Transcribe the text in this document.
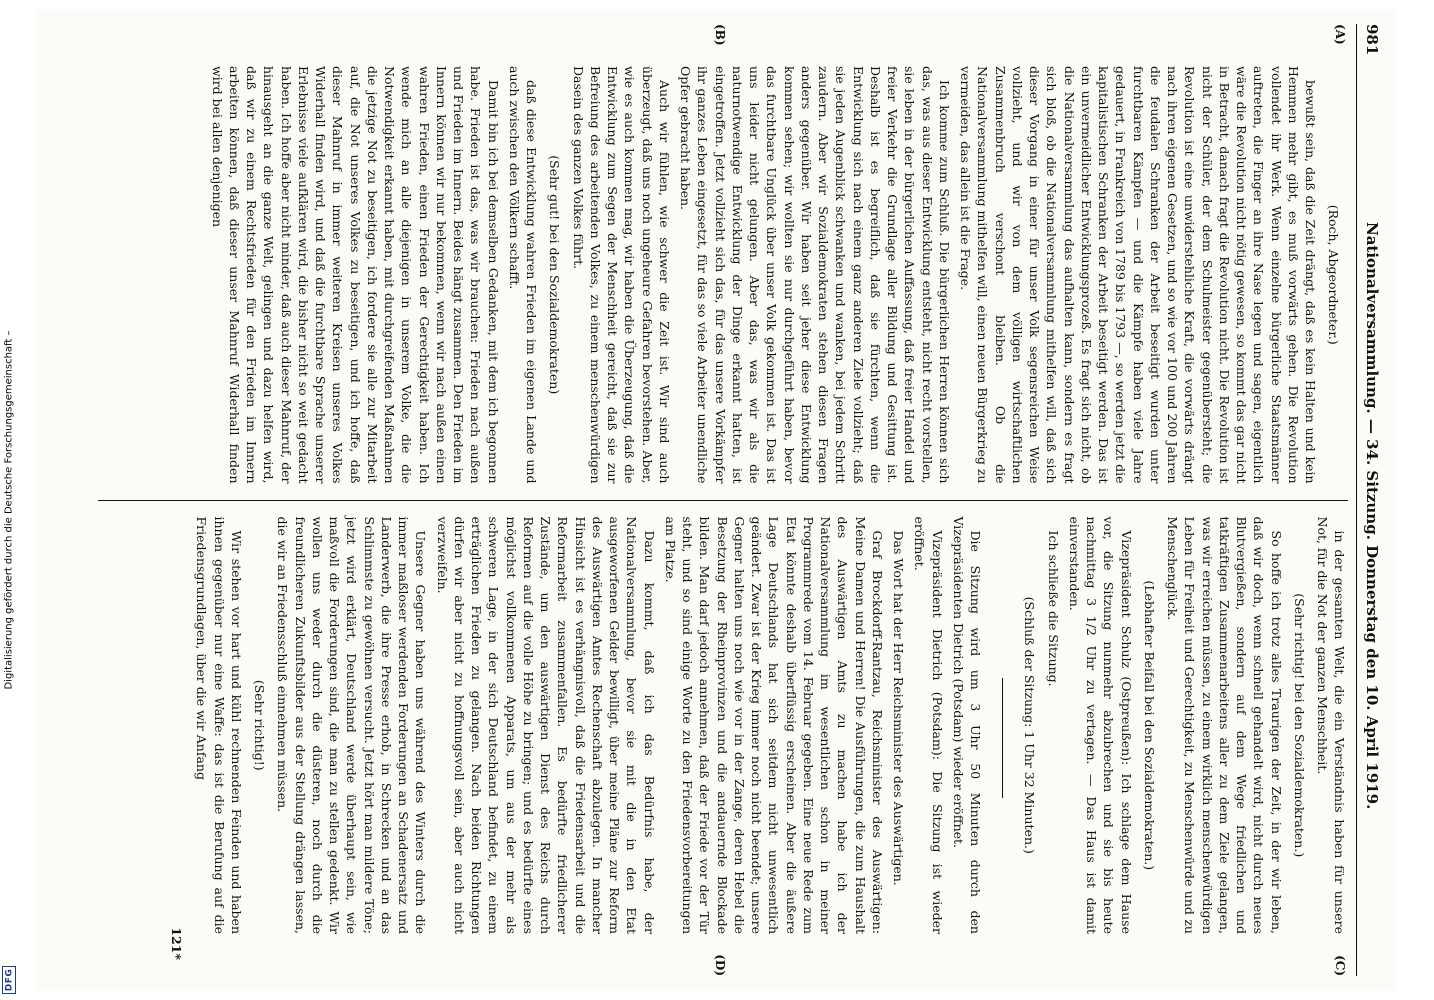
Digitalisierung gefördert durch die Deutsche Forschungsgemeinschaft –
DFG
981
Nationalversammlung. — 34. Sitzung. Donnerstag den 10. April 1919.
(A)
(B)

(Roch, Abgeordneter.)

bewußt sein, daß die Zeit drängt, daß es kein Halten und kein Hemmen mehr gibt, es muß vorwärts gehen. Die Revolution vollendet ihr Werk. Wenn einzelne bürgerliche Staatsmänner auftreten, die Finger an ihre Nase legen und sagen, eigentlich wäre die Revolution nicht nötig gewesen, so kommt das gar nicht in Betracht, danach fragt die Revolution nicht. Die Revolution ist nicht der Schüler, der dem Schulmeister gegenübersteht; die Revolution ist eine unwiderstehliche Kraft, die vorwärts drängt nach ihren eigenen Gesetzen, und so wie vor 100 und 200 Jahren die feudalen Schranken der Arbeit beseitigt wurden unter furchtbaren Kämpfen — und die Kämpfe haben viele Jahre gedauert, in Frankreich von 1789 bis 1793 —, so werden jetzt die kapitalistischen Schranken der Arbeit beseitigt werden. Das ist ein unvermeidlicher Entwicklungsprozeß. Es fragt sich nicht, ob die Nationalversammlung das aufhalten kann, sondern es fragt sich bloß, ob die Nationalversammlung mithelfen will, daß sich dieser Vorgang in einer für unser Volk segensreichen Weise vollzieht, und wir von dem völligen wirtschaftlichen Zusammenbruch verschont bleiben. Ob die Nationalversammlung mithelfen will, einen neuen Bürgerkrieg zu vermeiden, das allein ist die Frage.

Ich komme zum Schluß. Die bürgerlichen Herren können sich das, was aus dieser Entwicklung entsteht, nicht recht vorstellen, sie leben in der bürgerlichen Auffassung, daß freier Handel und freier Verkehr die Grundlage aller Bildung und Gesittung ist. Deshalb ist es begreiflich, daß sie fürchten, wenn die Entwicklung sich nach einem ganz anderen Ziele vollzieht; daß sie jeden Augenblick schwanken und wanken, bei jedem Schritt zaudern. Aber wir Sozialdemokraten stehen diesen Fragen anders gegenüber. Wir haben seit jeher diese Entwicklung kommen sehen; wir wollten sie nur durchgeführt haben, bevor das furchtbare Unglück über unser Volk gekommen ist. Das ist uns leider nicht gelungen. Aber das, was wir als die naturnotwendige Entwicklung der Dinge erkannt hatten, ist eingetroffen. Jetzt vollzieht sich das, für das unsere Vorkämpfer ihr ganzes Leben eingesetzt, für das so viele Arbeiter unendliche Opfer gebracht haben.

Auch wir fühlen, wie schwer die Zeit ist. Wir sind auch überzeugt, daß uns noch ungeheure Gefahren bevorstehen. Aber, wie es auch kommen mag, wir haben die Überzeugung, daß die Entwicklung zum Segen der Menschheit gereicht, daß sie zur Befreiung des arbeitenden Volkes, zu einem menschenwürdigen Dasein des ganzen Volkes führt.

(Sehr gut! bei den Sozialdemokraten)

daß diese Entwicklung wahren Frieden im eigenen Lande und auch zwischen den Völkern schafft.

Damit bin ich bei demselben Gedanken, mit dem ich begonnen habe. Frieden ist das, was wir brauchen: Frieden nach außen und Frieden im Innern. Beides hängt zusammen. Den Frieden im Innern können wir nur bekommen, wenn wir nach außen einen wahren Frieden, einen Frieden der Gerechtigkeit haben. Ich wende mich an alle diejenigen in unserem Volke, die die Notwendigkeit erkannt haben, mit durchgreifenden Maßnahmen die jetzige Not zu beseitigen, ich fordere sie alle zur Mitarbeit auf, die Not unseres Volkes zu beseitigen, und ich hoffe, daß dieser Mahnruf in immer weiteren Kreisen unseres Volkes Widerhall finden wird, und daß die furchtbare Sprache unserer Erlebnisse viele aufklären wird, die bisher nicht so weit gedacht haben. Ich hoffe aber nicht minder, daß auch dieser Mahnruf, der hinausgeht an die ganze Welt, gelingen und dazu helfen wird, daß wir zu einem Rechtsfrieden für den Frieden im Innern arbeiten können, daß dieser unser Mahnruf Widerhall finden wird bei allen denjenigen

(C)
(D)

in der gesamten Welt, die ein Verständnis haben für unsere Not, für die Not der ganzen Menschheit.

(Sehr richtig! bei den Sozialdemokraten.)

So hoffe ich trotz alles Traurigen der Zeit, in der wir leben, daß wir doch, wenn schnell gehandelt wird, nicht durch neues Blutvergießen, sondern auf dem Wege friedlichen und tatkräftigen Zusammenarbeitens aller zu dem Ziele gelangen, was wir erreichen müssen, zu einem wirklich menschenwürdigen Leben für Freiheit und Gerechtigkeit, zu Menschenwürde und zu Menschenglück.

(Lebhafter Beifall bei den Sozialdemokraten.)

Vizepräsident Schulz (Ostpreußen): Ich schlage dem Hause vor, die Sitzung nunmehr abzubrechen und sie bis heute nachmittag 3 1/2 Uhr zu vertagen. — Das Haus ist damit einverstanden.

Ich schließe die Sitzung.

(Schluß der Sitzung: 1 Uhr 32 Minuten.)

Die Sitzung wird um 3 Uhr 50 Minuten durch den Vizepräsidenten Dietrich (Potsdam) wieder eröffnet.

Vizepräsident Dietrich (Potsdam): Die Sitzung ist wieder eröffnet.

Das Wort hat der Herr Reichsminister des Auswärtigen.

Graf Brockdorff-Rantzau, Reichsminister des Auswärtigen: Meine Damen und Herren! Die Ausführungen, die zum Haushalt des Auswärtigen Amts zu machen habe ich der Nationalversammlung im wesentlichen schon in meiner Programmrede vom 14. Februar gegeben. Eine neue Rede zum Etat könnte deshalb überflüssig erscheinen. Aber die äußere Lage Deutschlands hat sich seitdem nicht unwesentlich geändert. Zwar ist der Krieg immer noch nicht beendet; unsere Gegner halten uns noch wie vor in der Zange, deren Hebel die Besetzung der Rheinprovinzen und die andauernde Blockade bilden. Man darf jedoch annehmen, daß der Friede vor der Tür steht, und so sind einige Worte zu den Friedensvorbereitungen am Platze.

Dazu kommt, daß ich das Bedürfnis habe, der Nationalversammlung, bevor sie mit die in den Etat ausgeworfenen Gelder bewilligt, über meine Pläne zur Reform des Auswärtigen Amtes Rechenschaft abzulegen. In mancher Hinsicht ist es verhängnisvoll, daß die Friedensarbeit und die Reformarbeit zusammenfallen. Es bedürfte friedlicherer Zustände, um den auswärtigen Dienst des Reichs durch Reformen auf die volle Höhe zu bringen; und es bedürfte eines möglichst vollkommenen Apparats, um aus der mehr als schweren Lage, in der sich Deutschland befindet, zu einem erträglichen Frieden zu gelangen. Nach beiden Richtungen dürfen wir aber nicht zu hoffnungsvoll sein, aber auch nicht verzweifeln.

Unsere Gegner haben uns während des Winters durch die immer maßloser werdenden Forderungen an Schadenersatz und Landerwerb, die ihre Presse erhob, in Schrecken und an das Schlimmste zu gewöhnen versucht. Jetzt hört man mildere Töne; jetzt wird erklärt, Deutschland werde überhaupt sein, wie maßvoll die Forderungen sind, die man zu stellen gedenkt. Wir wollen uns weder durch die düsteren, noch durch die freundlicheren Zukunftsbilder aus der Stellung drängen lassen, die wir an Friedensschluß einnehmen müssen.

(Sehr richtig!)

Wir stehen vor hart und kühl rechnenden Feinden und haben ihnen gegenüber nur eine Waffe: das ist die Berufung auf die Friedensgrundlagen, über die wir Anfang

121*
